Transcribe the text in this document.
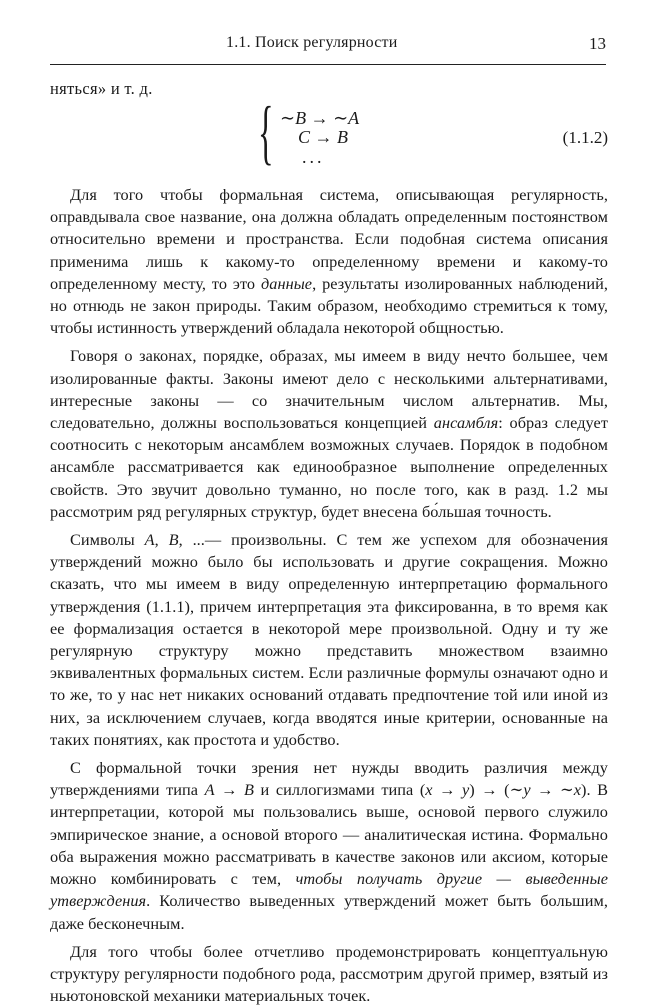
1.1. Поиск регулярности	13
няться» и т. д.
{ ∼B → ∼A
C → B
...
(1.1.2)

Для того чтобы формальная система, описывающая регулярность, оправдывала свое название, она должна обладать определенным постоянством относительно времени и пространства. Если подобная система описания применима лишь к какому-то определенному времени и какому-то определенному месту, то это данные, результаты изолированных наблюдений, но отнюдь не закон природы. Таким образом, необходимо стремиться к тому, чтобы истинность утверждений обладала некоторой общностью.

Говоря о законах, порядке, образах, мы имеем в виду нечто большее, чем изолированные факты. Законы имеют дело с несколькими альтернативами, интересные законы — со значительным числом альтернатив. Мы, следовательно, должны воспользоваться концепцией ансамбля: образ следует соотносить с некоторым ансамблем возможных случаев. Порядок в подобном ансамбле рассматривается как единообразное выполнение определенных свойств. Это звучит довольно туманно, но после того, как в разд. 1.2 мы рассмотрим ряд регулярных структур, будет внесена бо́льшая точность.

Символы A, B, ...— произвольны. С тем же успехом для обозначения утверждений можно было бы использовать и другие сокращения. Можно сказать, что мы имеем в виду определенную интерпретацию формального утверждения (1.1.1), причем интерпретация эта фиксированна, в то время как ее формализация остается в некоторой мере произвольной. Одну и ту же регулярную структуру можно представить множеством взаимно эквивалентных формальных систем. Если различные формулы означают одно и то же, то у нас нет никаких оснований отдавать предпочтение той или иной из них, за исключением случаев, когда вводятся иные критерии, основанные на таких понятиях, как простота и удобство.

С формальной точки зрения нет нужды вводить различия между утверждениями типа A → B и силлогизмами типа (x → y) → (∼y → ∼x). В интерпретации, которой мы пользовались выше, основой первого служило эмпирическое знание, а основой второго — аналитическая истина. Формально оба выражения можно рассматривать в качестве законов или аксиом, которые можно комбинировать с тем, чтобы получать другие — выведенные утверждения. Количество выведенных утверждений может быть большим, даже бесконечным.

Для того чтобы более отчетливо продемонстрировать концептуальную структуру регулярности подобного рода, рассмотрим другой пример, взятый из ньютоновской механики материальных точек.
